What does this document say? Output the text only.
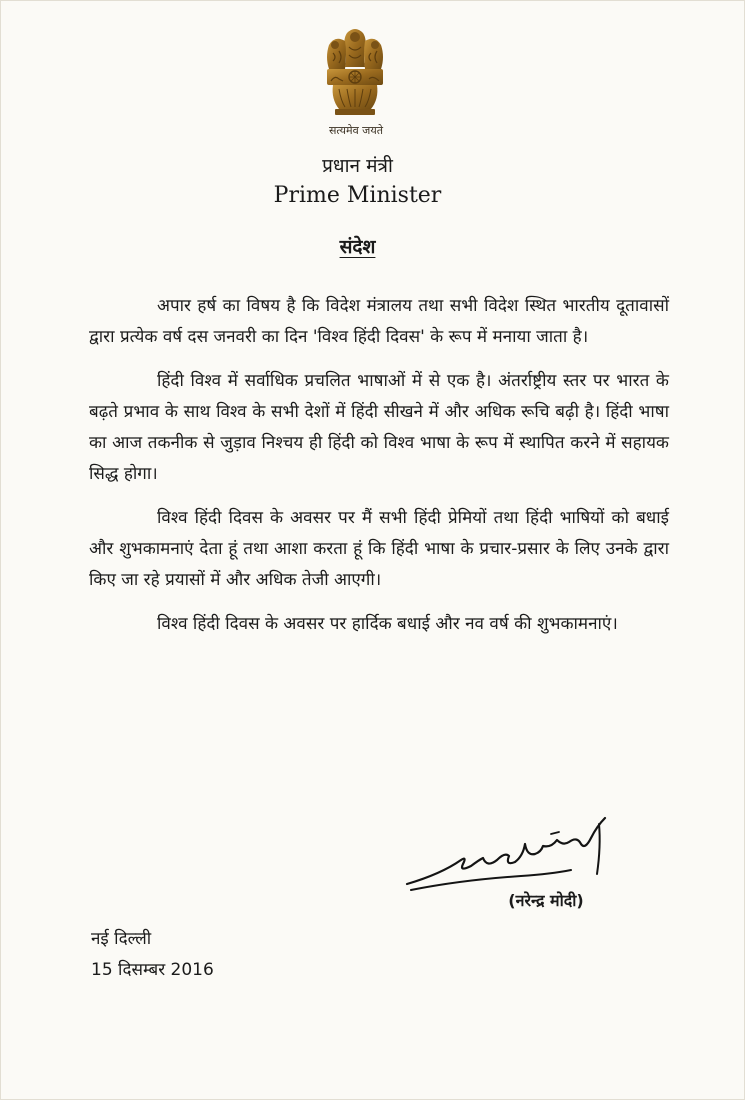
सत्यमेव जयते
प्रधान मंत्री
Prime Minister
संदेश

अपार हर्ष का विषय है कि विदेश मंत्रालय तथा सभी विदेश स्थित भारतीय दूतावासों द्वारा प्रत्येक वर्ष दस जनवरी का दिन 'विश्व हिंदी दिवस' के रूप में मनाया जाता है।

हिंदी विश्व में सर्वाधिक प्रचलित भाषाओं में से एक है। अंतर्राष्ट्रीय स्तर पर भारत के बढ़ते प्रभाव के साथ विश्व के सभी देशों में हिंदी सीखने में और अधिक रूचि बढ़ी है। हिंदी भाषा का आज तकनीक से जुड़ाव निश्चय ही हिंदी को विश्व भाषा के रूप में स्थापित करने में सहायक सिद्ध होगा।

विश्व हिंदी दिवस के अवसर पर मैं सभी हिंदी प्रेमियों तथा हिंदी भाषियों को बधाई और शुभकामनाएं देता हूं तथा आशा करता हूं कि हिंदी भाषा के प्रचार-प्रसार के लिए उनके द्वारा किए जा रहे प्रयासों में और अधिक तेजी आएगी।

विश्व हिंदी दिवस के अवसर पर हार्दिक बधाई और नव वर्ष की शुभकामनाएं।

(नरेन्द्र मोदी)
नई दिल्ली
15 दिसम्बर 2016
